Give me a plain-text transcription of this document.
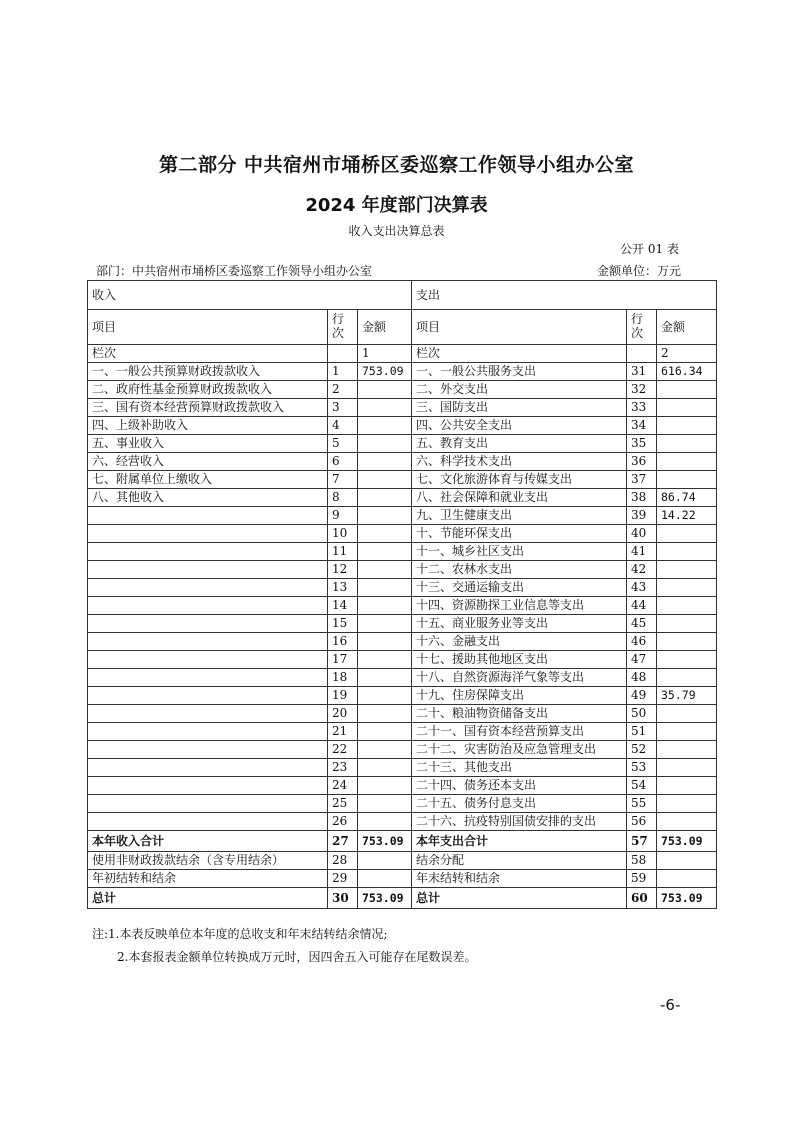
第二部分 中共宿州市埇桥区委巡察工作领导小组办公室
2024 年度部门决算表
收入支出决算总表
公开 01 表
部门：中共宿州市埇桥区委巡察工作领导小组办公室	金额单位：万元
收入			支出		
项目	行次	金额	项目	行次	金额
栏次		1	栏次		2
一、一般公共预算财政拨款收入	1	753.09	一、一般公共服务支出	31	616.34
二、政府性基金预算财政拨款收入	2		二、外交支出	32	
三、国有资本经营预算财政拨款收入	3		三、国防支出	33	
四、上级补助收入	4		四、公共安全支出	34	
五、事业收入	5		五、教育支出	35	
六、经营收入	6		六、科学技术支出	36	
七、附属单位上缴收入	7		七、文化旅游体育与传媒支出	37	
八、其他收入	8		八、社会保障和就业支出	38	86.74
	9		九、卫生健康支出	39	14.22
	10		十、节能环保支出	40	
	11		十一、城乡社区支出	41	
	12		十二、农林水支出	42	
	13		十三、交通运输支出	43	
	14		十四、资源勘探工业信息等支出	44	
	15		十五、商业服务业等支出	45	
	16		十六、金融支出	46	
	17		十七、援助其他地区支出	47	
	18		十八、自然资源海洋气象等支出	48	
	19		十九、住房保障支出	49	35.79
	20		二十、粮油物资储备支出	50	
	21		二十一、国有资本经营预算支出	51	
	22		二十二、灾害防治及应急管理支出	52	
	23		二十三、其他支出	53	
	24		二十四、债务还本支出	54	
	25		二十五、债务付息支出	55	
	26		二十六、抗疫特别国债安排的支出	56	
本年收入合计	27	753.09	本年支出合计	57	753.09
使用非财政拨款结余（含专用结余）	28		结余分配	58	
年初结转和结余	29		年末结转和结余	59	
总计	30	753.09	总计	60	753.09
注:1.本表反映单位本年度的总收支和年末结转结余情况;
2.本套报表金额单位转换成万元时，因四舍五入可能存在尾数误差。
-6-
